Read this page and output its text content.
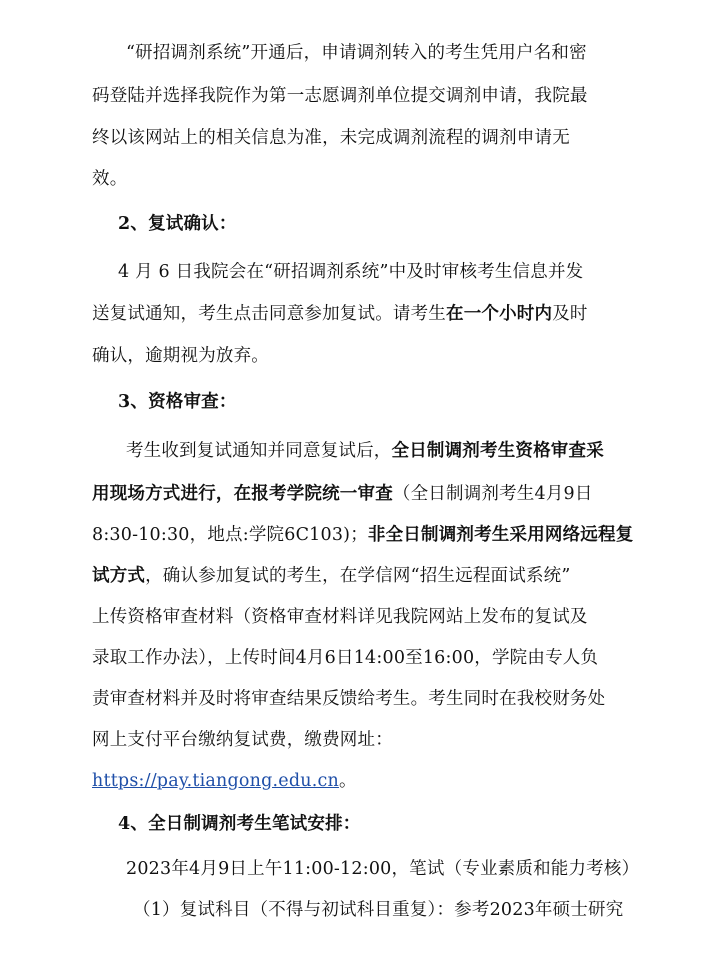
“研招调剂系统”开通后，申请调剂转入的考生凭用户名和密
码登陆并选择我院作为第一志愿调剂单位提交调剂申请，我院最
终以该网站上的相关信息为准，未完成调剂流程的调剂申请无
效。
2、复试确认：
4 月 6 日我院会在“研招调剂系统”中及时审核考生信息并发
送复试通知，考生点击同意参加复试。请考生在一个小时内及时
确认，逾期视为放弃。
3、资格审查：
考生收到复试通知并同意复试后，全日制调剂考生资格审查采
用现场方式进行，在报考学院统一审查（全日制调剂考生4月9日
8:30-10:30，地点:学院6C103)；非全日制调剂考生采用网络远程复
试方式，确认参加复试的考生，在学信网“招生远程面试系统”
上传资格审查材料（资格审查材料详见我院网站上发布的复试及
录取工作办法），上传时间4月6日14:00至16:00，学院由专人负
责审查材料并及时将审查结果反馈给考生。考生同时在我校财务处
网上支付平台缴纳复试费，缴费网址：
https://pay.tiangong.edu.cn。
4、全日制调剂考生笔试安排：
2023年4月9日上午11:00-12:00，笔试（专业素质和能力考核）
（1）复试科目（不得与初试科目重复）：参考2023年硕士研究
